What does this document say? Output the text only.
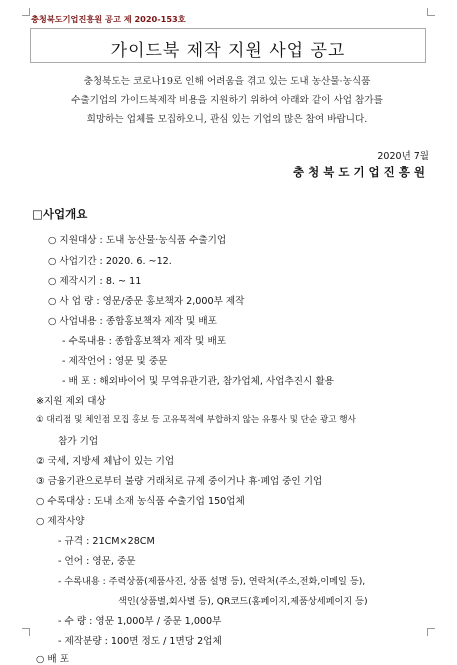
충청북도기업진흥원 공고 제 2020-153호
가이드북 제작 지원 사업 공고
충청북도는 코로나19로 인해 어려움을 겪고 있는 도내 농산물·농식품
수출기업의 가이드북제작 비용을 지원하기 위하여 아래와 같이 사업 참가를
희망하는 업체를 모집하오니, 관심 있는 기업의 많은 참여 바랍니다.
2020년 7월
충청북도기업진흥원
□사업개요
○ 지원대상 : 도내 농산물·농식품 수출기업
○ 사업기간 : 2020. 6. ~12.
○ 제작시기 : 8. ~ 11
○ 사 업 량 : 영문/중문 홍보책자 2,000부 제작
○ 사업내용 : 종합홍보책자 제작 및 배포
- 수록내용 : 종합홍보책자 제작 및 배포
- 제작언어 : 영문 및 중문
- 배 포 : 해외바이어 및 무역유관기관, 참가업체, 사업추진시 활용
※지원 제외 대상
① 대리점 및 체인점 모집 홍보 등 고유목적에 부합하지 않는 유통사 및 단순 광고 행사
참가 기업
② 국세, 지방세 체납이 있는 기업
③ 금융기관으로부터 불량 거래처로 규제 중이거나 휴·폐업 중인 기업
○ 수록대상 : 도내 소재 농식품 수출기업 150업체
○ 제작사양
- 규격 : 21CM×28CM
- 언어 : 영문, 중문
- 수록내용 : 주력상품(제품사진, 상품 설명 등), 연락처(주소,전화,이메일 등),
색인(상품별,회사별 등), QR코드(홈페이지,제품상세페이지 등)
- 수 량 : 영문 1,000부 / 중문 1,000부
- 제작분량 : 100면 정도 / 1면당 2업체
○ 배 포
